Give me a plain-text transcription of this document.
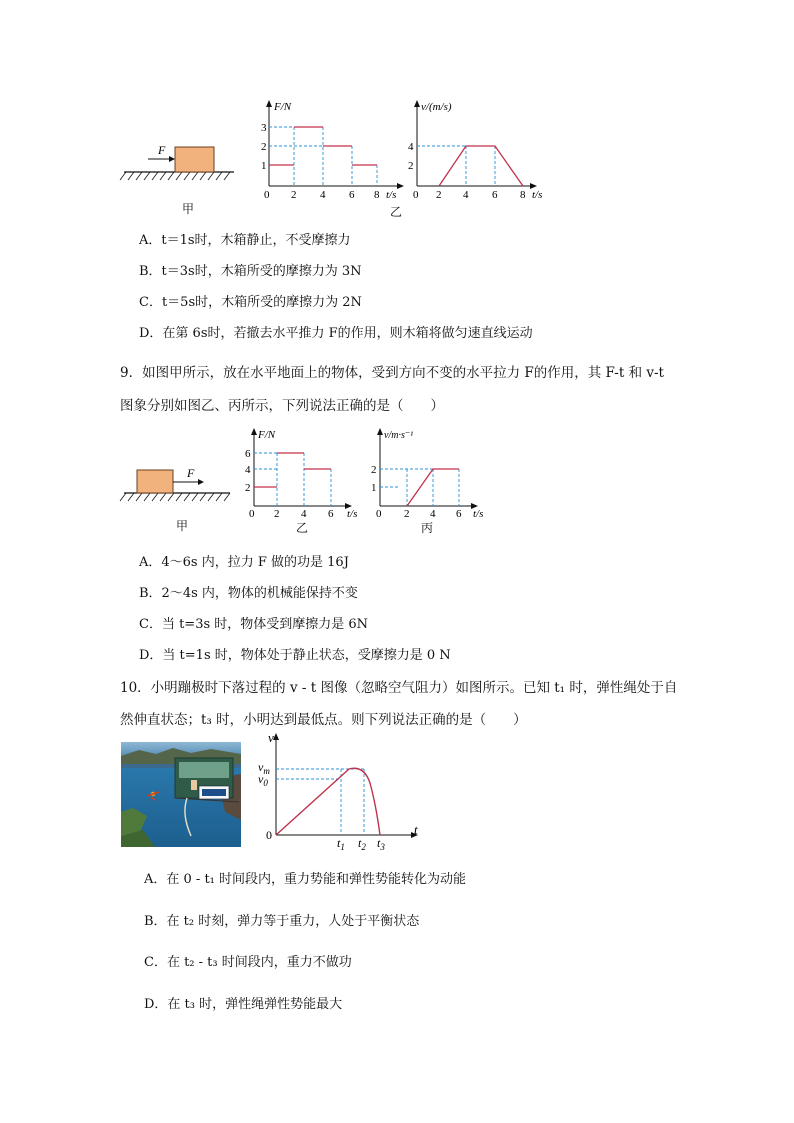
F
甲
F/N
3
2
1
0 2 4 6 8 t/s
v/(m/s)
4
2
0 2 4 6 8 t/s
乙
A．t＝1s时，木箱静止，不受摩擦力
B．t＝3s时，木箱所受的摩擦力为 3N
C．t＝5s时，木箱所受的摩擦力为 2N
D．在第 6s时，若撤去水平推力 F的作用，则木箱将做匀速直线运动
9．如图甲所示，放在水平地面上的物体，受到方向不变的水平拉力 F的作用，其 F-t 和 v-t
图象分别如图乙、丙所示，下列说法正确的是（　　）
F
甲
F/N
6
4
2
0 2 4 6 t/s
乙
v/m·s⁻¹
2
1
0 2 4 6 t/s
丙
A．4～6s 内，拉力 F 做的功是 16J
B．2～4s 内，物体的机械能保持不变
C．当 t=3s 时，物体受到摩擦力是 6N
D．当 t=1s 时，物体处于静止状态，受摩擦力是 0 N
10．小明蹦极时下落过程的 v - t 图像（忽略空气阻力）如图所示。已知 t₁ 时，弹性绳处于自
然伸直状态；t₃ 时，小明达到最低点。则下列说法正确的是（　　）
v
$v_m$
$v_0$
0
$t_1$ $t_2$ $t_3$
t
A．在 0 - t₁ 时间段内，重力势能和弹性势能转化为动能
B．在 t₂ 时刻，弹力等于重力，人处于平衡状态
C．在 t₂ - t₃ 时间段内，重力不做功
D．在 t₃ 时，弹性绳弹性势能最大
